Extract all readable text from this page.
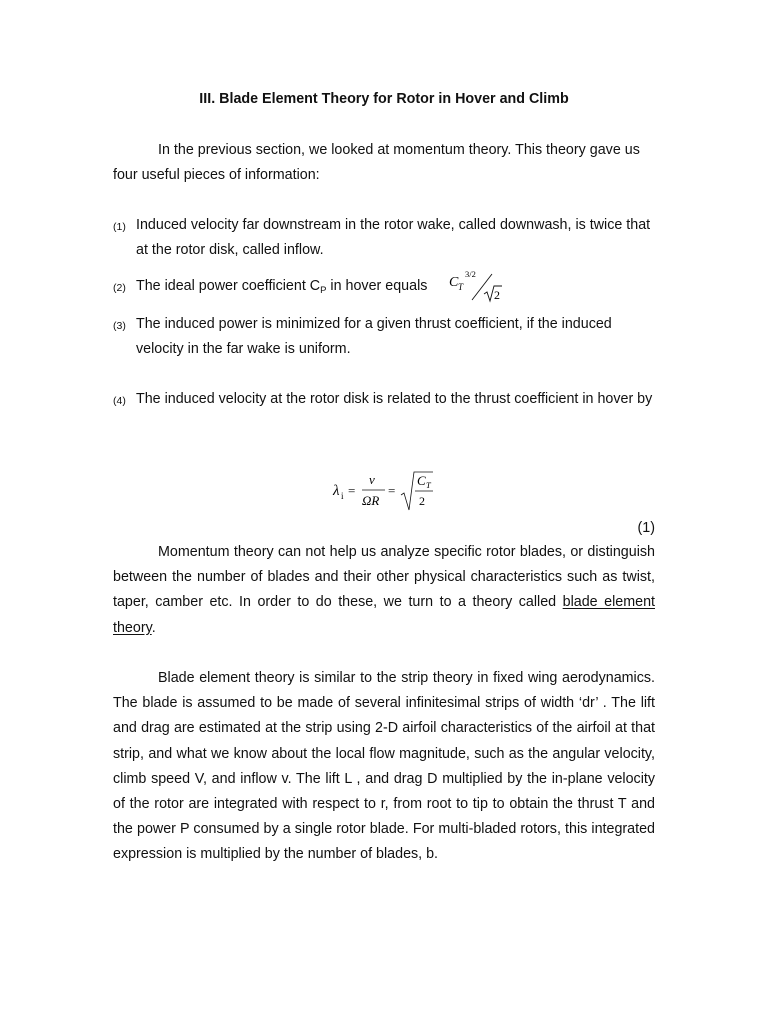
III. Blade Element Theory for Rotor in Hover and Climb

In the previous section, we looked at momentum theory. This theory gave us four useful pieces of information:

(1) Induced velocity far downstream in the rotor wake, called downwash, is twice that at the rotor disk, called inflow.
(2) The ideal power coefficient $C_P$ in hover equals	C T
3/2
2
(3) The induced power is minimized for a given thrust coefficient, if the induced velocity in the far wake is uniform.
(4) The induced velocity at the rotor disk is related to the thrust coefficient in hover by
λ i =
v
ΩR
=
C T
2
(1)

Momentum theory can not help us analyze specific rotor blades, or distinguish between the number of blades and their other physical characteristics such as twist, taper, camber etc. In order to do these, we turn to a theory called blade element theory.

Blade element theory is similar to the strip theory in fixed wing aerodynamics. The blade is assumed to be made of several infinitesimal strips of width ‘dr’ . The lift and drag are estimated at the strip using 2-D airfoil characteristics of the airfoil at that strip, and what we know about the local flow magnitude, such as the angular velocity, climb speed V, and inflow v. The lift L , and drag D multiplied by the in-plane velocity of the rotor are integrated with respect to r, from root to tip to obtain the thrust T and the power P consumed by a single rotor blade. For multi-bladed rotors, this integrated expression is multiplied by the number of blades, b.
